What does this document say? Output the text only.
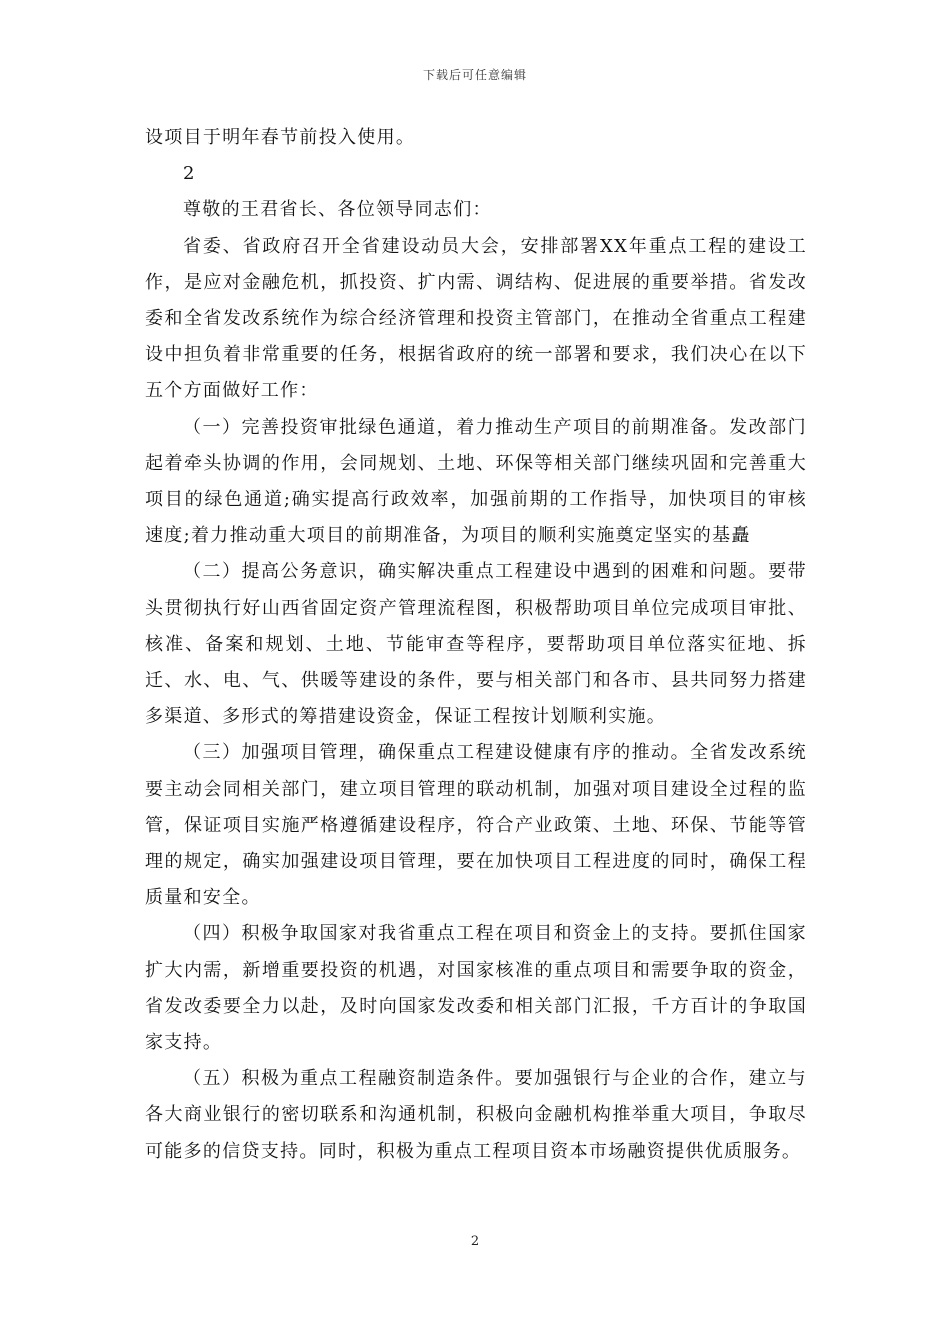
下载后可任意编辑

设项目于明年春节前投入使用。

2

尊敬的王君省长、各位领导同志们：

省委、省政府召开全省建设动员大会，安排部署XX年重点工程的建设工作，是应对金融危机，抓投资、扩内需、调结构、促进展的重要举措。省发改委和全省发改系统作为综合经济管理和投资主管部门，在推动全省重点工程建设中担负着非常重要的任务，根据省政府的统一部署和要求，我们决心在以下五个方面做好工作：

（一）完善投资审批绿色通道，着力推动生产项目的前期准备。发改部门起着牵头协调的作用，会同规划、土地、环保等相关部门继续巩固和完善重大项目的绿色通道;确实提高行政效率，加强前期的工作指导，加快项目的审核速度;着力推动重大项目的前期准备，为项目的顺利实施奠定坚实的基矗

（二）提高公务意识，确实解决重点工程建设中遇到的困难和问题。要带头贯彻执行好山西省固定资产管理流程图，积极帮助项目单位完成项目审批、核准、备案和规划、土地、节能审查等程序，要帮助项目单位落实征地、拆迁、水、电、气、供暖等建设的条件，要与相关部门和各市、县共同努力搭建多渠道、多形式的筹措建设资金，保证工程按计划顺利实施。

（三）加强项目管理，确保重点工程建设健康有序的推动。全省发改系统要主动会同相关部门，建立项目管理的联动机制，加强对项目建设全过程的监管，保证项目实施严格遵循建设程序，符合产业政策、土地、环保、节能等管理的规定，确实加强建设项目管理，要在加快项目工程进度的同时，确保工程质量和安全。

（四）积极争取国家对我省重点工程在项目和资金上的支持。要抓住国家扩大内需，新增重要投资的机遇，对国家核准的重点项目和需要争取的资金，省发改委要全力以赴，及时向国家发改委和相关部门汇报，千方百计的争取国家支持。

（五）积极为重点工程融资制造条件。要加强银行与企业的合作，建立与各大商业银行的密切联系和沟通机制，积极向金融机构推举重大项目，争取尽可能多的信贷支持。同时，积极为重点工程项目资本市场融资提供优质服务。

2
